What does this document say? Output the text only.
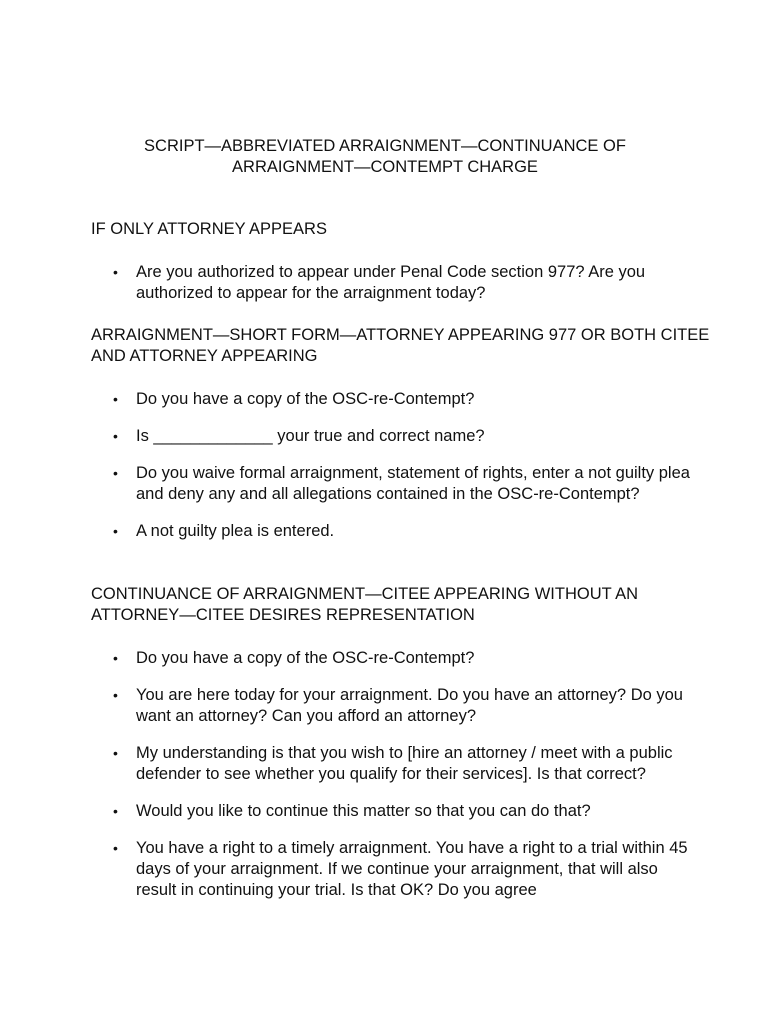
SCRIPT—ABBREVIATED ARRAIGNMENT—CONTINUANCE OF
ARRAIGNMENT—CONTEMPT CHARGE
IF ONLY ATTORNEY APPEARS
• Are you authorized to appear under Penal Code section 977? Are you authorized to appear for the arraignment today?
ARRAIGNMENT—SHORT FORM—ATTORNEY APPEARING 977 OR BOTH CITEE AND ATTORNEY APPEARING
• Do you have a copy of the OSC-re-Contempt?
• Is _____________ your true and correct name?
• Do you waive formal arraignment, statement of rights, enter a not guilty plea and deny any and all allegations contained in the OSC-re-Contempt?
• A not guilty plea is entered.
CONTINUANCE OF ARRAIGNMENT—CITEE APPEARING WITHOUT AN ATTORNEY—CITEE DESIRES REPRESENTATION
• Do you have a copy of the OSC-re-Contempt?
• You are here today for your arraignment. Do you have an attorney? Do you want an attorney? Can you afford an attorney?
• My understanding is that you wish to [hire an attorney / meet with a public defender to see whether you qualify for their services]. Is that correct?
• Would you like to continue this matter so that you can do that?
• You have a right to a timely arraignment. You have a right to a trial within 45 days of your arraignment. If we continue your arraignment, that will also result in continuing your trial. Is that OK? Do you agree
